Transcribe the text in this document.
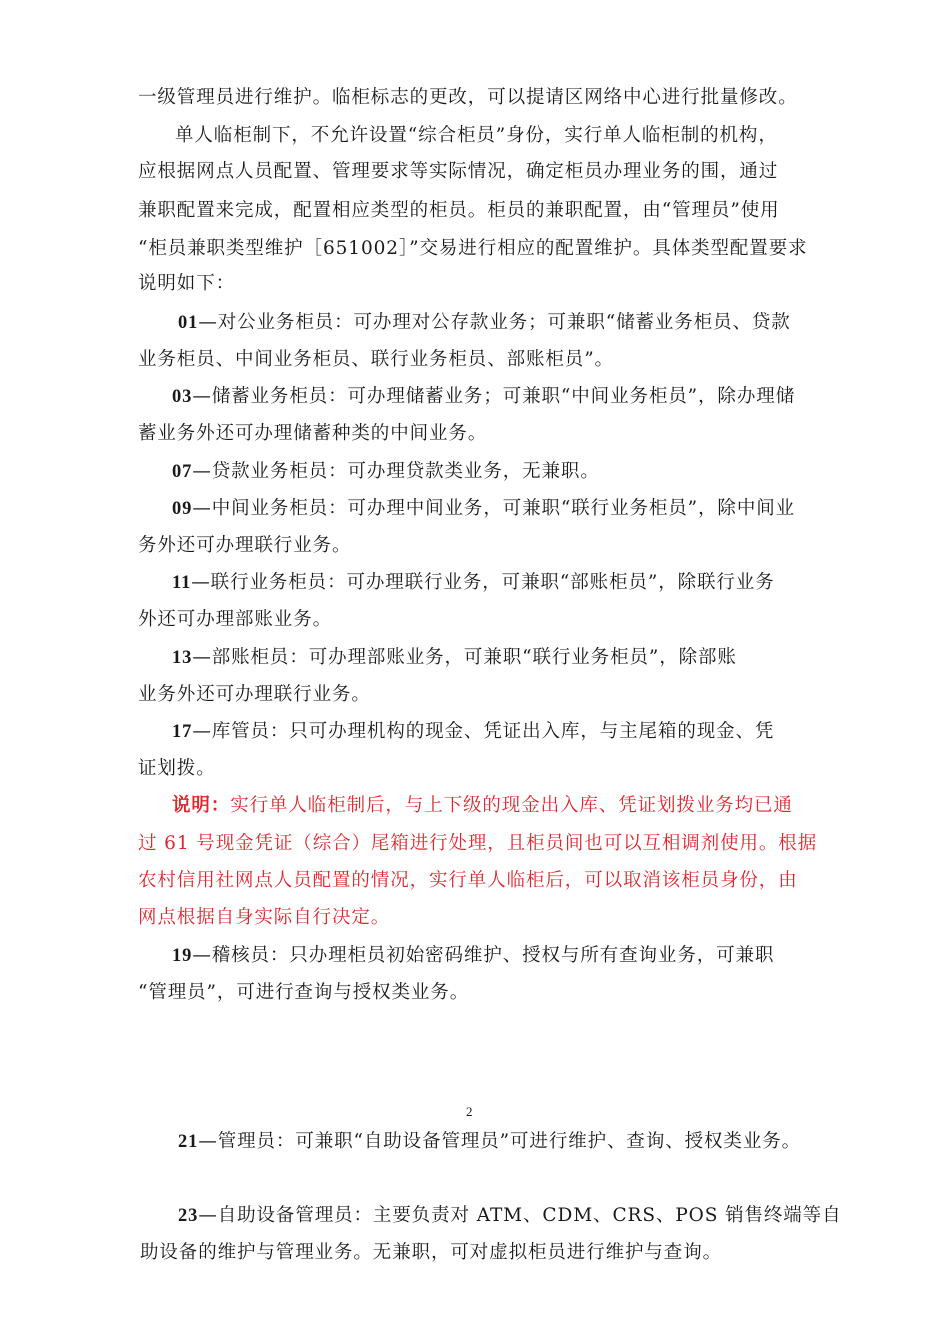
一级管理员进行维护。临柜标志的更改，可以提请区网络中心进行批量修改。
单人临柜制下，不允许设置“综合柜员”身份，实行单人临柜制的机构，
应根据网点人员配置、管理要求等实际情况，确定柜员办理业务的围，通过
兼职配置来完成，配置相应类型的柜员。柜员的兼职配置，由“管理员”使用
“柜员兼职类型维护［651002］”交易进行相应的配置维护。具体类型配置要求
说明如下：
01—对公业务柜员：可办理对公存款业务；可兼职“储蓄业务柜员、贷款
业务柜员、中间业务柜员、联行业务柜员、部账柜员”。
03—储蓄业务柜员：可办理储蓄业务；可兼职“中间业务柜员”，除办理储
蓄业务外还可办理储蓄种类的中间业务。
07—贷款业务柜员：可办理贷款类业务，无兼职。
09—中间业务柜员：可办理中间业务，可兼职“联行业务柜员”，除中间业
务外还可办理联行业务。
11—联行业务柜员：可办理联行业务，可兼职“部账柜员”，除联行业务
外还可办理部账业务。
13—部账柜员：可办理部账业务，可兼职“联行业务柜员”，除部账
业务外还可办理联行业务。
17—库管员：只可办理机构的现金、凭证出入库，与主尾箱的现金、凭
证划拨。
说明：实行单人临柜制后，与上下级的现金出入库、凭证划拨业务均已通
过 61 号现金凭证（综合）尾箱进行处理，且柜员间也可以互相调剂使用。根据
农村信用社网点人员配置的情况，实行单人临柜后，可以取消该柜员身份，由
网点根据自身实际自行决定。
19—稽核员：只办理柜员初始密码维护、授权与所有查询业务，可兼职
“管理员”，可进行查询与授权类业务。
2
21—管理员：可兼职“自助设备管理员”可进行维护、查询、授权类业务。
23—自助设备管理员：主要负责对 ATM、CDM、CRS、POS 销售终端等自
助设备的维护与管理业务。无兼职，可对虚拟柜员进行维护与查询。
